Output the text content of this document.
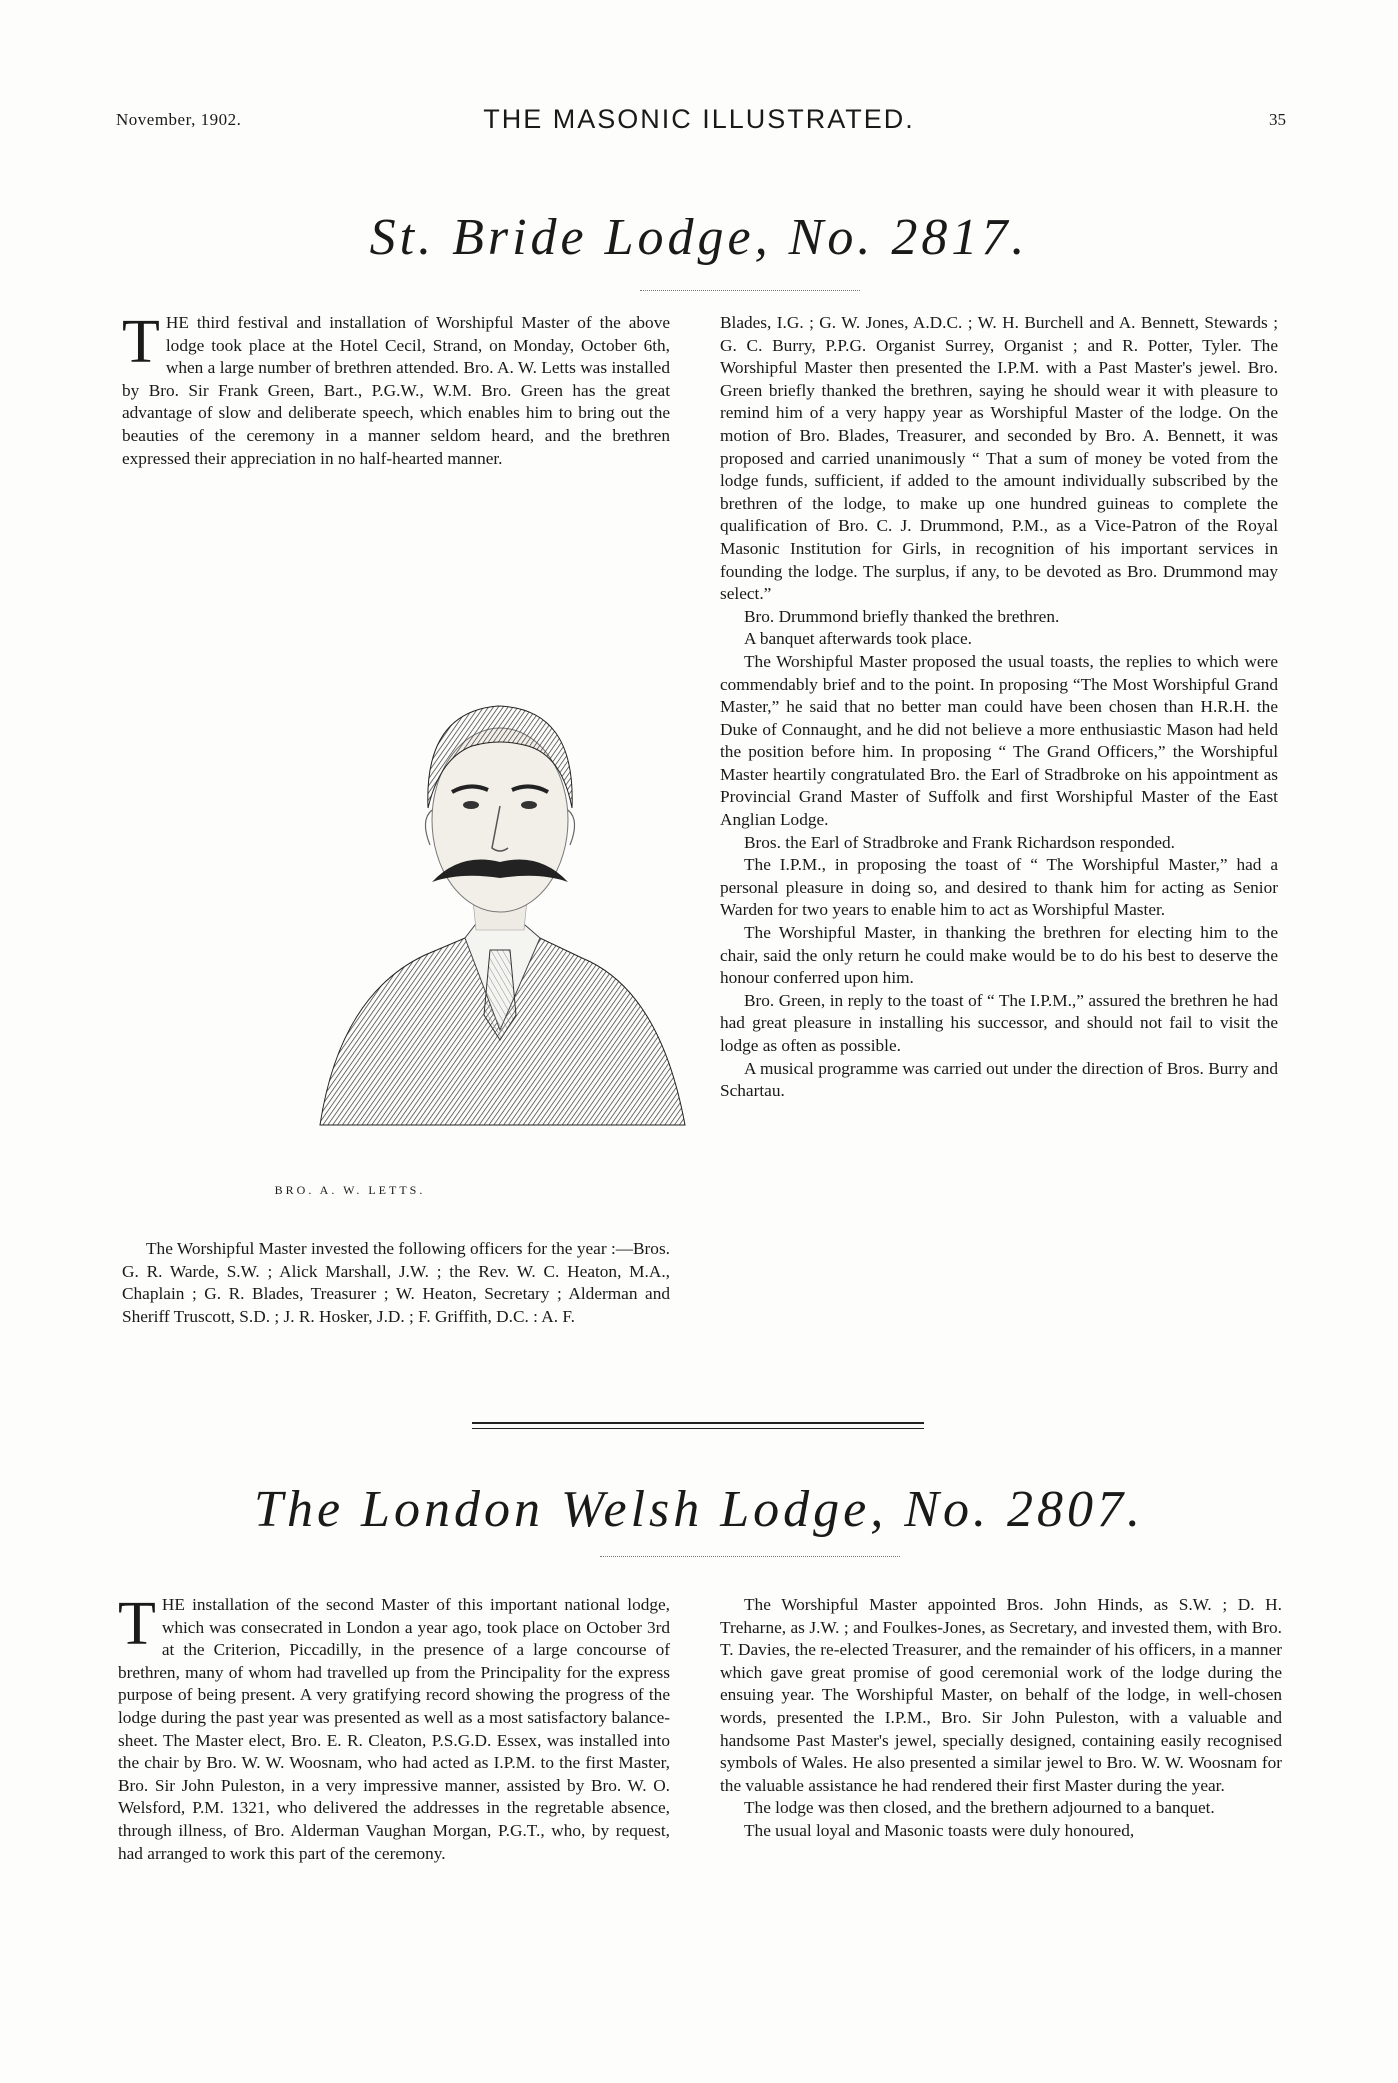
November, 1902.	THE MASONIC ILLUSTRATED.	35
St. Bride Lodge, No. 2817.

THE third festival and installation of Worshipful Master of the above lodge took place at the Hotel Cecil, Strand, on Monday, October 6th, when a large number of brethren attended. Bro. A. W. Letts was installed by Bro. Sir Frank Green, Bart., P.G.W., W.M. Bro. Green has the great advantage of slow and deliberate speech, which enables him to bring out the beauties of the ceremony in a manner seldom heard, and the brethren expressed their appreciation in no half-hearted manner.

BRO. A. W. LETTS.

The Worshipful Master invested the following officers for the year :—Bros. G. R. Warde, S.W. ; Alick Marshall, J.W. ; the Rev. W. C. Heaton, M.A., Chaplain ; G. R. Blades, Treasurer ; W. Heaton, Secretary ; Alderman and Sheriff Truscott, S.D. ; J. R. Hosker, J.D. ; F. Griffith, D.C. : A. F.

Blades, I.G. ; G. W. Jones, A.D.C. ; W. H. Burchell and A. Bennett, Stewards ; G. C. Burry, P.P.G. Organist Surrey, Organist ; and R. Potter, Tyler. The Worshipful Master then presented the I.P.M. with a Past Master's jewel. Bro. Green briefly thanked the brethren, saying he should wear it with pleasure to remind him of a very happy year as Worshipful Master of the lodge. On the motion of Bro. Blades, Treasurer, and seconded by Bro. A. Bennett, it was proposed and carried unanimously “ That a sum of money be voted from the lodge funds, sufficient, if added to the amount individually subscribed by the brethren of the lodge, to make up one hundred guineas to complete the qualification of Bro. C. J. Drummond, P.M., as a Vice-Patron of the Royal Masonic Institution for Girls, in recognition of his important services in founding the lodge. The surplus, if any, to be devoted as Bro. Drummond may select.”

Bro. Drummond briefly thanked the brethren.

A banquet afterwards took place.

The Worshipful Master proposed the usual toasts, the replies to which were commendably brief and to the point. In proposing “The Most Worshipful Grand Master,” he said that no better man could have been chosen than H.R.H. the Duke of Connaught, and he did not believe a more enthusiastic Mason had held the position before him. In proposing “ The Grand Officers,” the Worshipful Master heartily congratulated Bro. the Earl of Stradbroke on his appointment as Provincial Grand Master of Suffolk and first Worshipful Master of the East Anglian Lodge.

Bros. the Earl of Stradbroke and Frank Richardson responded.

The I.P.M., in proposing the toast of “ The Worshipful Master,” had a personal pleasure in doing so, and desired to thank him for acting as Senior Warden for two years to enable him to act as Worshipful Master.

The Worshipful Master, in thanking the brethren for electing him to the chair, said the only return he could make would be to do his best to deserve the honour conferred upon him.

Bro. Green, in reply to the toast of “ The I.P.M.,” assured the brethren he had had great pleasure in installing his successor, and should not fail to visit the lodge as often as possible.

A musical programme was carried out under the direction of Bros. Burry and Schartau.

The London Welsh Lodge, No. 2807.

THE installation of the second Master of this important national lodge, which was consecrated in London a year ago, took place on October 3rd at the Criterion, Piccadilly, in the presence of a large concourse of brethren, many of whom had travelled up from the Principality for the express purpose of being present. A very gratifying record showing the progress of the lodge during the past year was presented as well as a most satisfactory balance-sheet. The Master elect, Bro. E. R. Cleaton, P.S.G.D. Essex, was installed into the chair by Bro. W. W. Woosnam, who had acted as I.P.M. to the first Master, Bro. Sir John Puleston, in a very impressive manner, assisted by Bro. W. O. Welsford, P.M. 1321, who delivered the addresses in the regretable absence, through illness, of Bro. Alderman Vaughan Morgan, P.G.T., who, by request, had arranged to work this part of the ceremony.

The Worshipful Master appointed Bros. John Hinds, as S.W. ; D. H. Treharne, as J.W. ; and Foulkes-Jones, as Secretary, and invested them, with Bro. T. Davies, the re-elected Treasurer, and the remainder of his officers, in a manner which gave great promise of good ceremonial work of the lodge during the ensuing year. The Worshipful Master, on behalf of the lodge, in well-chosen words, presented the I.P.M., Bro. Sir John Puleston, with a valuable and handsome Past Master's jewel, specially designed, containing easily recognised symbols of Wales. He also presented a similar jewel to Bro. W. W. Woosnam for the valuable assistance he had rendered their first Master during the year.

The lodge was then closed, and the brethern adjourned to a banquet.

The usual loyal and Masonic toasts were duly honoured,
